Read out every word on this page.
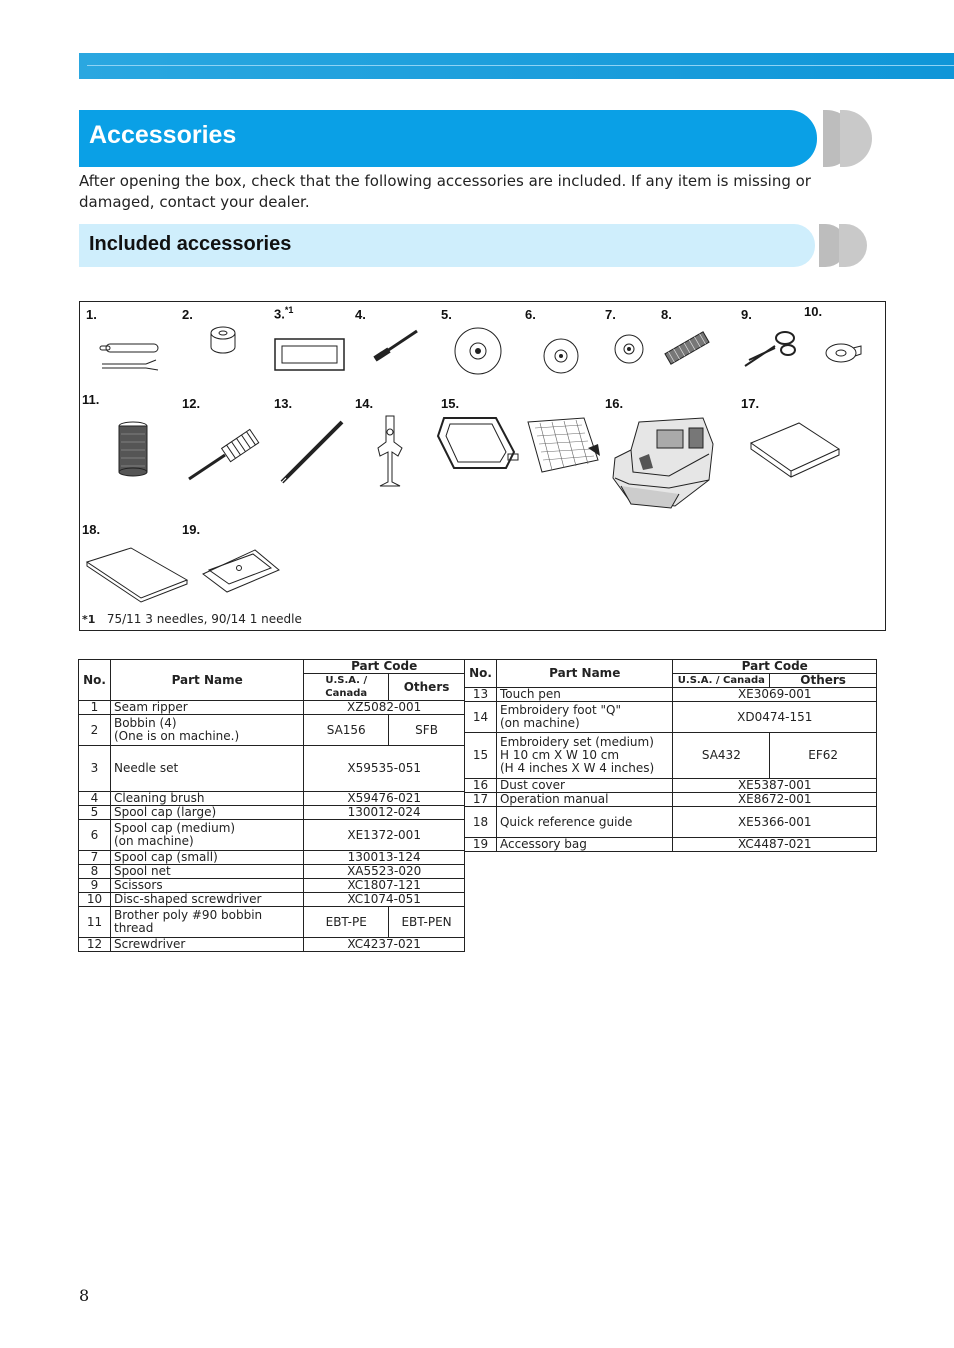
Accessories
After opening the box, check that the following accessories are included. If any item is missing or damaged, contact your dealer.
Included accessories
1.	2.	3.$^{*1}$	4.	5.	6.	7.	8.	9.	10.
11.	12.	13.	14.	15.	16.	17.
18.	19.
*1 75/11 3 needles, 90/14 1 needle
No.	Part Name	Part Code	
		U.S.A. / Canada	Others
1	Seam ripper	XZ5082-001	
2	Bobbin (4)
(One is on machine.)	SA156	SFB
3	Needle set	X59535-051	
4	Cleaning brush	X59476-021	
5	Spool cap (large)	130012-024	
6	Spool cap (medium)
(on machine)	XE1372-001	
7	Spool cap (small)	130013-124	
8	Spool net	XA5523-020	
9	Scissors	XC1807-121	
10	Disc-shaped screwdriver	XC1074-051	
11	Brother poly #90 bobbin
thread	EBT-PE	EBT-PEN
12	Screwdriver	XC4237-021	
No.	Part Name	Part Code	
		U.S.A. / Canada	Others
13	Touch pen	XE3069-001	
14	Embroidery foot "Q"
(on machine)	XD0474-151	
15	Embroidery set (medium)
H 10 cm X W 10 cm
(H 4 inches X W 4 inches)	SA432	EF62
16	Dust cover	XE5387-001	
17	Operation manual	XE8672-001	
18	Quick reference guide	XE5366-001	
19	Accessory bag	XC4487-021	
8
